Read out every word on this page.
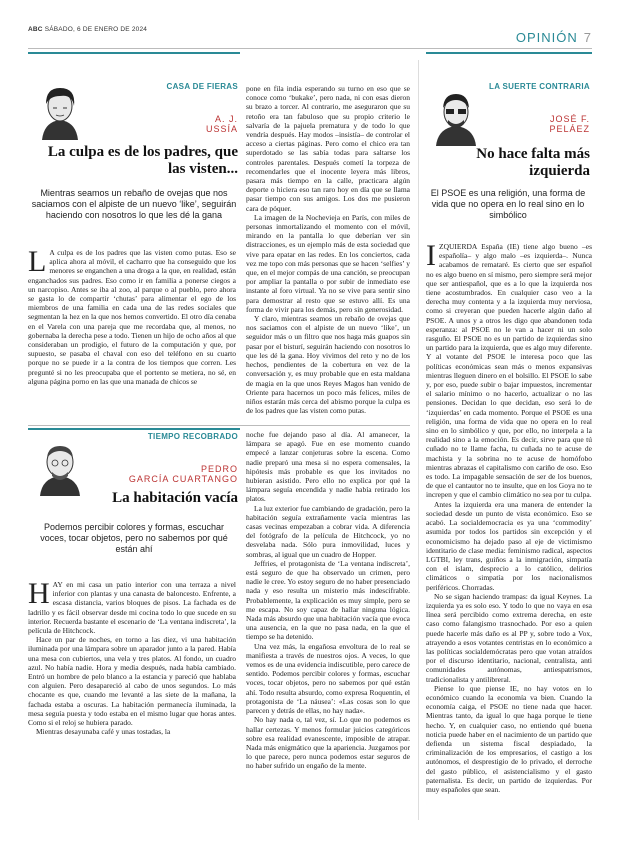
ABC SÁBADO, 6 DE ENERO DE 2024
OPINIÓN 7
CASA DE FIERAS
A. J.
USSÍA
La culpa es de los padres, que las visten...
Mientras seamos un rebaño de ovejas que nos saciamos con el alpiste de un nuevo ‘like’, seguirán haciendo con nosotros lo que les dé la gana
L A culpa es de los padres que las visten como putas. Eso se aplica ahora al móvil, el cacharro que ha conseguido que los menores se enganchen a una droga a la que, en realidad, están enganchados sus padres. Eso como ir en familia a ponerse ciegos a un narcopiso. Antes se iba al zoo, al parque o al pueblo, pero ahora se gasta lo de compartir ‘chutas’ para alimentar el ego de los miembros de una familia en cada una de las redes sociales que segmentan la hez en la que nos hemos convertido. El otro día cenaba en el Varela con una pareja que me recordaba que, al menos, no gobernaba la derecha pese a todo. Tienen un hijo de ocho años al que consideraban un prodigio, el futuro de la computación y que, por supuesto, se pasaba el chaval con eso del teléfono en su cuarto porque no se puede ir a la contra de los tiempos que corren. Les pregunté si no les preocupaba que el portento se metiera, no sé, en alguna página porno en las que una manada de chicos se

pone en fila india esperando su turno en eso que se conoce como ‘bukake’, pero nada, ni con esas dieron su brazo a torcer. Al contrario, me aseguraron que su retoño era tan fabuloso que su propio criterio le salvaría de la pajuela prematura y de todo lo que vendría después. Hay modos –insistía– de controlar el acceso a ciertas páginas. Pero como el chico era tan superdotado se las sabía todas para saltarse los controles parentales. Después cometí la torpeza de recomendarles que el inocente leyera más libros, pasara más tiempo en la calle, practicara algún deporte o hiciera eso tan raro hoy en día que se llama pasar tiempo con sus amigos. Los dos me pusieron cara de póquer.

La imagen de la Nochevieja en París, con miles de personas inmortalizando el momento con el móvil, mirando en la pantalla lo que deberían ver sin distracciones, es un ejemplo más de esta sociedad que vive para epatar en las redes. En los conciertos, cada vez me topo con más personas que se hacen ‘selfies’ y que, en el mejor compás de una canción, se preocupan por ampliar la pantalla o por subir de inmediato ese instante al foro virtual. Ya no se vive para sentir sino para demostrar al resto que se estuvo allí. Es una forma de vivir para los demás, pero sin generosidad.

Y claro, mientras seamos un rebaño de ovejas que nos saciamos con el alpiste de un nuevo ‘like’, un seguidor más o un filtro que nos haga más guapos sin pasar por el bisturí, seguirán haciendo con nosotros lo que les dé la gana. Hoy vivimos del reto y no de los hechos, pendientes de la cobertura en vez de la conversación y, es muy probable que en esta maldana de magia en la que unos Reyes Magos han venido de Oriente para hacernos un poco más felices, miles de niños estarán más cerca del abismo porque la culpa es de los padres que las visten como putas.

TIEMPO RECOBRADO
PEDRO
GARCÍA CUARTANGO
La habitación vacía
Podemos percibir colores y formas, escuchar voces, tocar objetos, pero no sabemos por qué están ahí
H AY en mi casa un patio interior con una terraza a nivel inferior con plantas y una canasta de baloncesto. Enfrente, a escasa distancia, varios bloques de pisos. La fachada es de ladrillo y es fácil observar desde mi cocina todo lo que sucede en su interior. Recuerda bastante el escenario de ‘La ventana indiscreta’, la película de Hitchcock.

Hace un par de noches, en torno a las diez, vi una habitación iluminada por una lámpara sobre un aparador junto a la pared. Había una mesa con cubiertos, una vela y tres platos. Al fondo, un cuadro azul. No había nadie. Hora y media después, nada había cambiado. Entró un hombre de pelo blanco a la estancia y pareció que hablaba con alguien. Pero desapareció al cabo de unos segundos. Lo más chocante es que, cuando me levanté a las siete de la mañana, la fachada estaba a oscuras. La habitación permanecía iluminada, la mesa seguía puesta y todo estaba en el mismo lugar que horas antes. Como si el reloj se hubiera parado.

Mientras desayunaba café y unas tostadas, la

noche fue dejando paso al día. Al amanecer, la lámpara se apagó. Fue en ese momento cuando empecé a lanzar conjeturas sobre la escena. Como nadie preparó una mesa si no espera comensales, la hipótesis más probable es que los invitados no hubieran asistido. Pero ello no explica por qué la lámpara seguía encendida y nadie había retirado los platos.

La luz exterior fue cambiando de gradación, pero la habitación seguía extrañamente vacía mientras las casas vecinas empezaban a cobrar vida. A diferencia del fotógrafo de la película de Hitchcock, yo no desvelaba nada. Sólo pura inmovilidad, luces y sombras, al igual que un cuadro de Hopper.

Jeffries, el protagonista de ‘La ventana indiscreta’, está seguro de que ha observado un crimen, pero nadie le cree. Yo estoy seguro de no haber presenciado nada y eso resulta un misterio más indescifrable. Probablemente, la explicación es muy simple, pero se me escapa. No soy capaz de hallar ninguna lógica. Nada más absurdo que una habitación vacía que evoca una ausencia, en la que no pasa nada, en la que el tiempo se ha detenido.

Una vez más, la engañosa envoltura de lo real se manifiesta a través de nuestros ojos. A veces, lo que vemos es de una evidencia indiscutible, pero carece de sentido. Podemos percibir colores y formas, escuchar voces, tocar objetos, pero no sabemos por qué están ahí. Todo resulta absurdo, como expresa Roquentin, el protagonista de ‘La náusea’: «Las cosas son lo que parecen y detrás de ellas, no hay nada».

No hay nada o, tal vez, sí. Lo que no podemos es hallar certezas. Y menos formular juicios categóricos sobre esa realidad evanescente, imposible de atrapar. Nada más enigmático que la apariencia. Juzgamos por lo que parece, pero nunca podemos estar seguros de no haber sufrido un engaño de la mente.

LA SUERTE CONTRARIA
JOSÉ F.
PELÁEZ
No hace falta más izquierda
El PSOE es una religión, una forma de vida que no opera en lo real sino en lo simbólico
I ZQUIERDA España (IE) tiene algo bueno –es españolía– y algo malo –es izquierda–. Nunca acabamos de remataré. Es cierto que ser español no es algo bueno en sí mismo, pero siempre será mejor que ser antiespañol, que es a lo que la izquierda nos tiene acostumbrados. En cualquier caso veo a la derecha muy contenta y a la izquierda muy nerviosa, como si creyeran que pueden hacerle algún daño al PSOE. A unos y a otros les digo que abandonen toda esperanza: al PSOE no le van a hacer ni un solo rasguño. El PSOE no es un partido de izquierdas sino un partido para la izquierda, que es algo muy diferente. Y al votante del PSOE le interesa poco que las políticas económicas sean más o menos expansivas mientras lleguen dinero en el bolsillo. El PSOE lo sabe y, por eso, puede subir o bajar impuestos, incrementar el salario mínimo o no hacerlo, actualizar o no las pensiones. Decidan lo que decidan, eso será lo de ‘izquierdas’ en cada momento. Porque el PSOE es una religión, una forma de vida que no opera en lo real sino en lo simbólico y que, por ello, no interpela a la realidad sino a la emoción. Es decir, sirve para que tú cuñado no te llame facha, tu cuñada no te acuse de machista y la sobrina no te acuse de homófobo mientras abrazas el capitalismo con cariño de oso. Eso es todo. La impagable sensación de ser de los buenos, de que el cantautor no te insulte, que en los Goya no te increpen y que el cambio climático no sea por tu culpa.

Antes la izquierda era una manera de entender la sociedad desde un punto de vista económico. Eso se acabó. La socialdemocracia es ya una ‘commodity’ asumida por todos los partidos sin excepción y el economicismo ha dejado paso al eje de victimismo identitario de clase media: feminismo radical, aspectos LGTBI, ley trans, guiños a la inmigración, simpatía con el islam, desprecio a lo católico, delirios climáticos o simpatía por los nacionalismos periféricos. Chorradas.

No se sigan haciendo trampas: da igual Keynes. La izquierda ya es solo eso. Y todo lo que no vaya en esa línea será percibido como extrema derecha, en este caso como falangismo trasnochado. Por eso a quien puede hacerle más daño es al PP y, sobre todo a Vox, atrayendo a esos votantes centristas en lo económico a las políticas socialdemócratas pero que votan atraídos por el discurso identitario, nacional, centralista, anti comunidades autónomas, antiespatrismos, tradicionalista y antilibreral.

Piense lo que piense IE, no hay votos en lo económico cuando la economía va bien. Cuando la economía caiga, el PSOE no tiene nada que hacer. Mientras tanto, da igual lo que haga porque le tiene hecho. Y, en cualquier caso, no entiendo qué buena noticia puede haber en el nacimiento de un partido que defienda un sistema fiscal despiadado, la criminalización de los empresarios, el castigo a los autónomos, el desprestigio de lo privado, el derroche del gasto público, el asistencialismo y el gasto paternalista. Es decir, un partido de izquierdas. Por muy españoles que sean.
